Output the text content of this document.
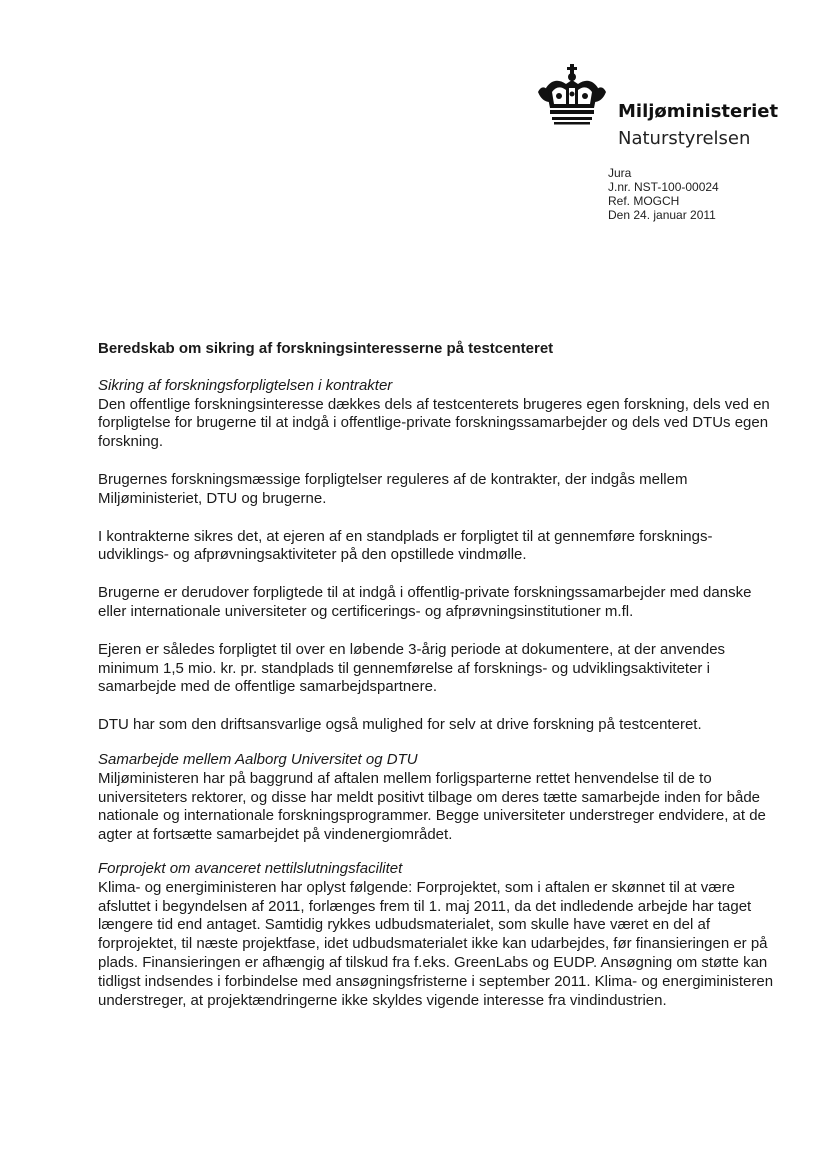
Miljøministeriet
Naturstyrelsen
Jura
J.nr. NST-100-00024
Ref. MOGCH
Den 24. januar 2011
Beredskab om sikring af forskningsinteresserne på testcenteret
Sikring af forskningsforpligtelsen i kontrakter

Den offentlige forskningsinteresse dækkes dels af testcenterets brugeres egen forskning, dels ved en forpligtelse for brugerne til at indgå i offentlige-private forskningssamarbejder og dels ved DTUs egen forskning.

Brugernes forskningsmæssige forpligtelser reguleres af de kontrakter, der indgås mellem Miljøministeriet, DTU og brugerne.

I kontrakterne sikres det, at ejeren af en standplads er forpligtet til at gennemføre forsknings- udviklings- og afprøvningsaktiviteter på den opstillede vindmølle.

Brugerne er derudover forpligtede til at indgå i offentlig-private forskningssamarbejder med danske eller internationale universiteter og certificerings- og afprøvningsinstitutioner m.fl.

Ejeren er således forpligtet til over en løbende 3-årig periode at dokumentere, at der anvendes minimum 1,5 mio. kr. pr. standplads til gennemførelse af forsknings- og udviklingsaktiviteter i samarbejde med de offentlige samarbejdspartnere.

DTU har som den driftsansvarlige også mulighed for selv at drive forskning på testcenteret.

Samarbejde mellem Aalborg Universitet og DTU

Miljøministeren har på baggrund af aftalen mellem forligsparterne rettet henvendelse til de to universiteters rektorer, og disse har meldt positivt tilbage om deres tætte samarbejde inden for både nationale og internationale forskningsprogrammer. Begge universiteter understreger endvidere, at de agter at fortsætte samarbejdet på vindenergiområdet.

Forprojekt om avanceret nettilslutningsfacilitet

Klima- og energiministeren har oplyst følgende: Forprojektet, som i aftalen er skønnet til at være afsluttet i begyndelsen af 2011, forlænges frem til 1. maj 2011, da det indledende arbejde har taget længere tid end antaget. Samtidig rykkes udbudsmaterialet, som skulle have været en del af forprojektet, til næste projektfase, idet udbudsmaterialet ikke kan udarbejdes, før finansieringen er på plads. Finansieringen er afhængig af tilskud fra f.eks. GreenLabs og EUDP. Ansøgning om støtte kan tidligst indsendes i forbindelse med ansøgningsfristerne i september 2011. Klima- og energiministeren understreger, at projektændringerne ikke skyldes vigende interesse fra vindindustrien.
